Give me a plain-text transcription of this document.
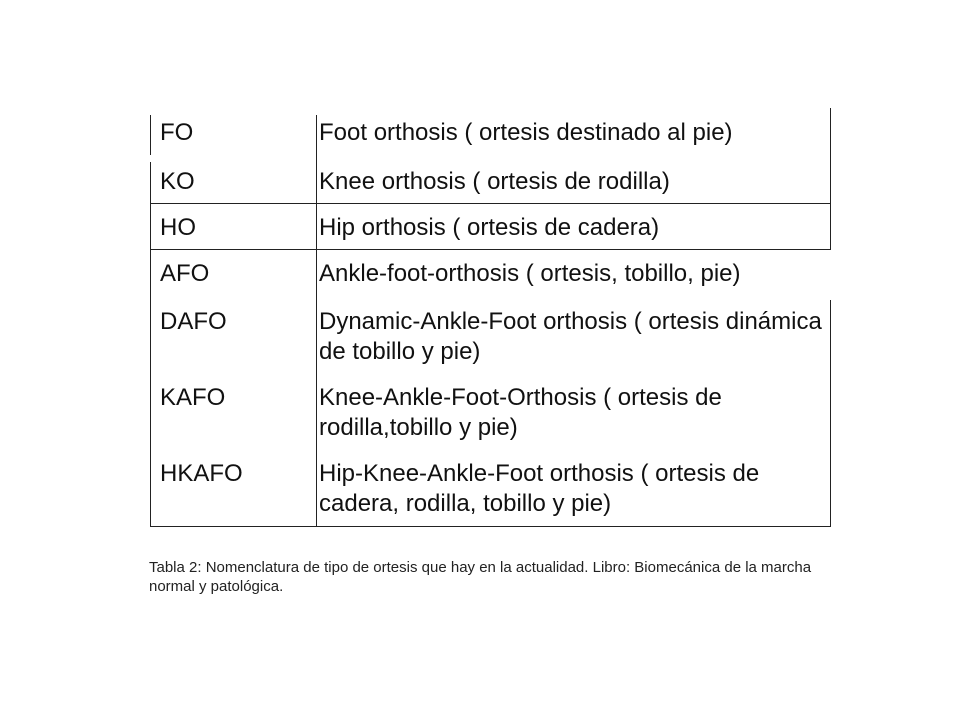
FO	Foot orthosis ( ortesis destinado al pie)
KO	Knee orthosis ( ortesis de rodilla)
HO	Hip orthosis ( ortesis de cadera)
AFO	Ankle-foot-orthosis ( ortesis, tobillo, pie)
DAFO	Dynamic-Ankle-Foot orthosis ( ortesis dinámica de tobillo y pie)
KAFO	Knee-Ankle-Foot-Orthosis ( ortesis de rodilla,tobillo y pie)
HKAFO	Hip-Knee-Ankle-Foot orthosis ( ortesis de cadera, rodilla, tobillo y pie)
Tabla 2: Nomenclatura de tipo de ortesis que hay en la actualidad. Libro: Biomecánica de la marcha normal y patológica.
